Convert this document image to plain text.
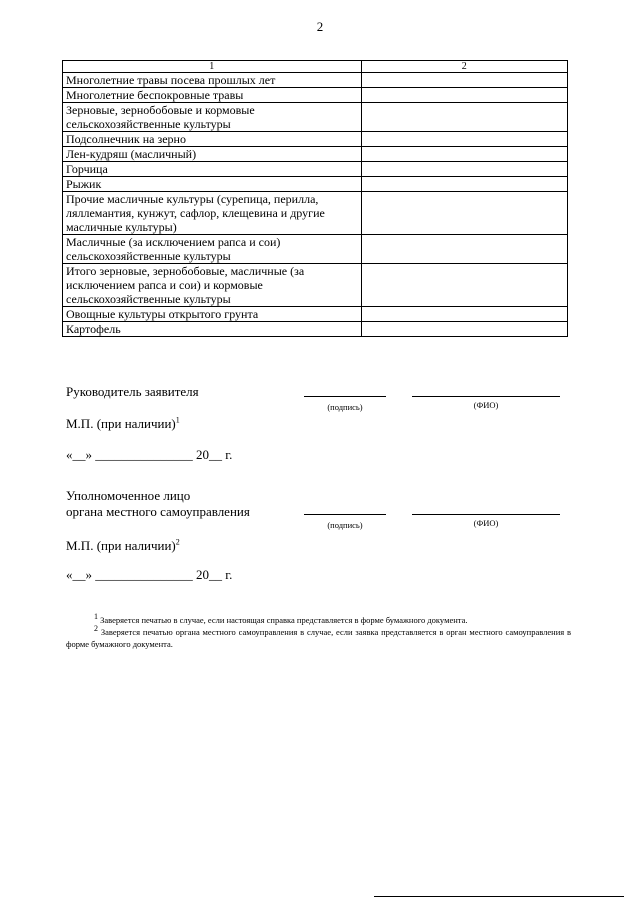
2
1	2
Многолетние травы посева прошлых лет	
Многолетние беспокровные травы	
Зерновые, зернобобовые и кормовые сельскохозяйственные культуры	
Подсолнечник на зерно	
Лен-кудряш (масличный)	
Горчица	
Рыжик	
Прочие масличные культуры (сурепица, перилла, ляллемантия, кунжут, сафлор, клещевина и другие масличные культуры)	
Масличные (за исключением рапса и сои) сельскохозяйственные культуры	
Итого зерновые, зернобобовые, масличные (за исключением рапса и сои) и кормовые сельскохозяйственные культуры	
Овощные культуры открытого грунта	
Картофель	
Руководитель заявителя
(подпись)	(ФИО)
М.П. (при наличии)$^1$
«__» _______________ 20__ г.
Уполномоченное лицо
органа местного самоуправления
(подпись)	(ФИО)
М.П. (при наличии)$^2$
«__» _______________ 20__ г.

1 Заверяется печатью в случае, если настоящая справка представляется в форме бумажного документа.

2 Заверяется печатью органа местного самоуправления в случае, если заявка представляется в орган местного самоуправления в форме бумажного документа.
